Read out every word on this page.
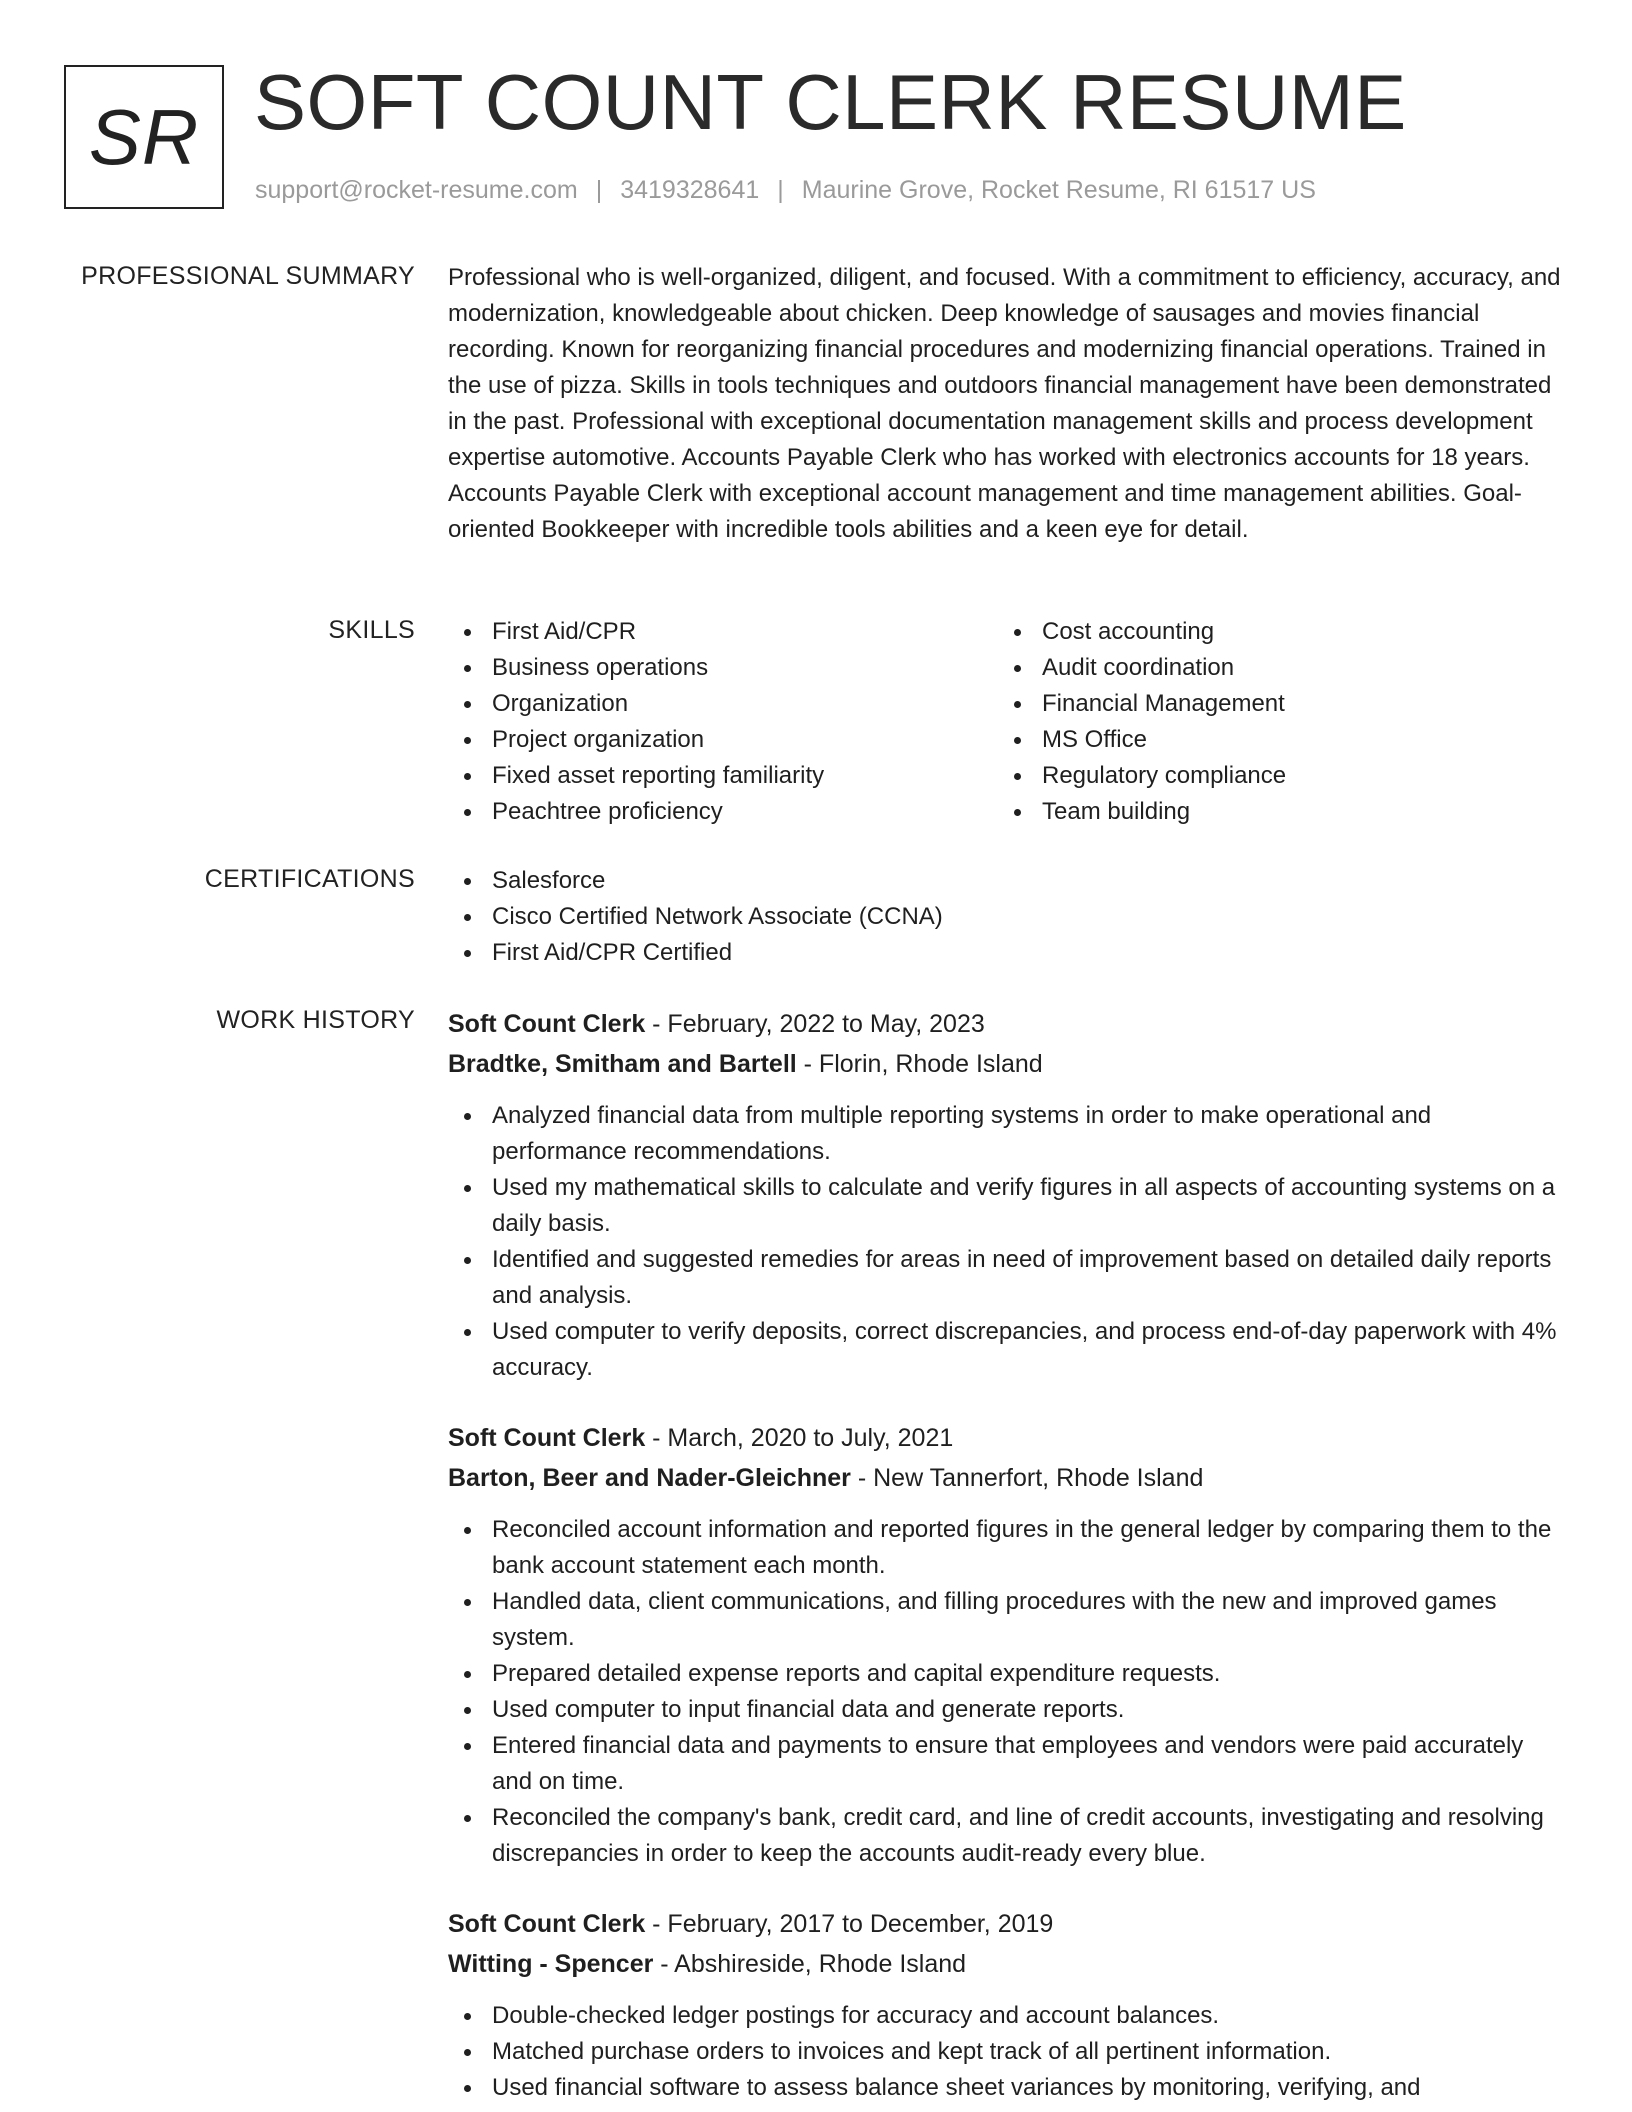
SR SOFT COUNT CLERK RESUME
support@rocket-resume.com | 3419328641 | Maurine Grove, Rocket Resume, RI 61517 US
PROFESSIONAL SUMMARY Professional who is well-organized, diligent, and focused. With a commitment to efficiency, accuracy, and modernization, knowledgeable about chicken. Deep knowledge of sausages and movies financial recording. Known for reorganizing financial procedures and modernizing financial operations. Trained in the use of pizza. Skills in tools techniques and outdoors financial management have been demonstrated in the past. Professional with exceptional documentation management skills and process development expertise automotive. Accounts Payable Clerk who has worked with electronics accounts for 18 years. Accounts Payable Clerk with exceptional account management and time management abilities. Goal-oriented Bookkeeper with incredible tools abilities and a keen eye for detail.

SKILLS	First Aid/CPR
Business operations
Organization
Project organization
Fixed asset reporting familiarity
Peachtree proficiency
Cost accounting
Audit coordination
Financial Management
MS Office
Regulatory compliance
Team building
CERTIFICATIONS	Salesforce
Cisco Certified Network Associate (CCNA)
First Aid/CPR Certified
WORK HISTORY Soft Count Clerk - February, 2022 to May, 2023
Bradtke, Smitham and Bartell - Florin, Rhode Island
Analyzed financial data from multiple reporting systems in order to make operational and performance recommendations.
Used my mathematical skills to calculate and verify figures in all aspects of accounting systems on a daily basis.
Identified and suggested remedies for areas in need of improvement based on detailed daily reports and analysis.
Used computer to verify deposits, correct discrepancies, and process end-of-day paperwork with 4% accuracy.
Soft Count Clerk - March, 2020 to July, 2021
Barton, Beer and Nader-Gleichner - New Tannerfort, Rhode Island
Reconciled account information and reported figures in the general ledger by comparing them to the bank account statement each month.
Handled data, client communications, and filling procedures with the new and improved games system.
Prepared detailed expense reports and capital expenditure requests.
Used computer to input financial data and generate reports.
Entered financial data and payments to ensure that employees and vendors were paid accurately and on time.
Reconciled the company's bank, credit card, and line of credit accounts, investigating and resolving discrepancies in order to keep the accounts audit-ready every blue.
Soft Count Clerk - February, 2017 to December, 2019
Witting - Spencer - Abshireside, Rhode Island
Double-checked ledger postings for accuracy and account balances.
Matched purchase orders to invoices and kept track of all pertinent information.
Used financial software to assess balance sheet variances by monitoring, verifying, and
